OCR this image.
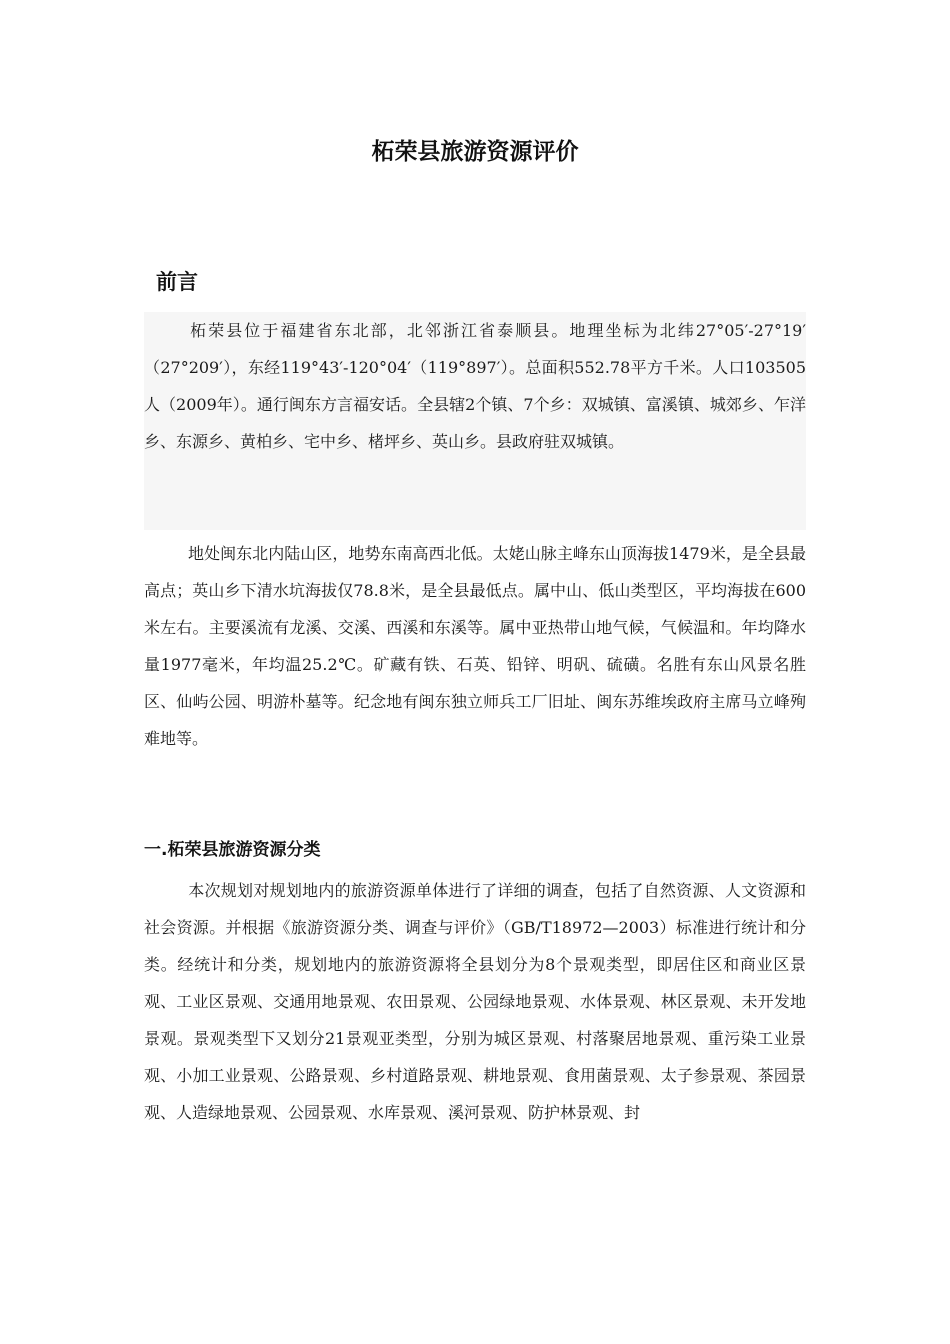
柘荣县旅游资源评价
前言

柘荣县位于福建省东北部，北邻浙江省泰顺县。地理坐标为北纬27°05′-27°19′ （27°209′），东经119°43′-120°04′（119°897′）。总面积552.78平方千米。人口103505人（2009年）。通行闽东方言福安话。全县辖2个镇、7个乡：双城镇、富溪镇、城郊乡、乍洋乡、东源乡、黄柏乡、宅中乡、楮坪乡、英山乡。县政府驻双城镇。

地处闽东北内陆山区，地势东南高西北低。太姥山脉主峰东山顶海拔1479米，是全县最高点；英山乡下清水坑海拔仅78.8米，是全县最低点。属中山、低山类型区，平均海拔在600米左右。主要溪流有龙溪、交溪、西溪和东溪等。属中亚热带山地气候，气候温和。年均降水量1977毫米，年均温25.2℃。矿藏有铁、石英、铅锌、明矾、硫磺。名胜有东山风景名胜区、仙屿公园、明游朴墓等。纪念地有闽东独立师兵工厂旧址、闽东苏维埃政府主席马立峰殉难地等。

一.柘荣县旅游资源分类

本次规划对规划地内的旅游资源单体进行了详细的调查，包括了自然资源、人文资源和社会资源。并根据《旅游资源分类、调查与评价》（GB/T18972—2003）标准进行统计和分类。经统计和分类，规划地内的旅游资源将全县划分为8个景观类型，即居住区和商业区景观、工业区景观、交通用地景观、农田景观、公园绿地景观、水体景观、林区景观、未开发地景观。景观类型下又划分21景观亚类型，分别为城区景观、村落聚居地景观、重污染工业景观、小加工业景观、公路景观、乡村道路景观、耕地景观、食用菌景观、太子参景观、茶园景观、人造绿地景观、公园景观、水库景观、溪河景观、防护林景观、封
